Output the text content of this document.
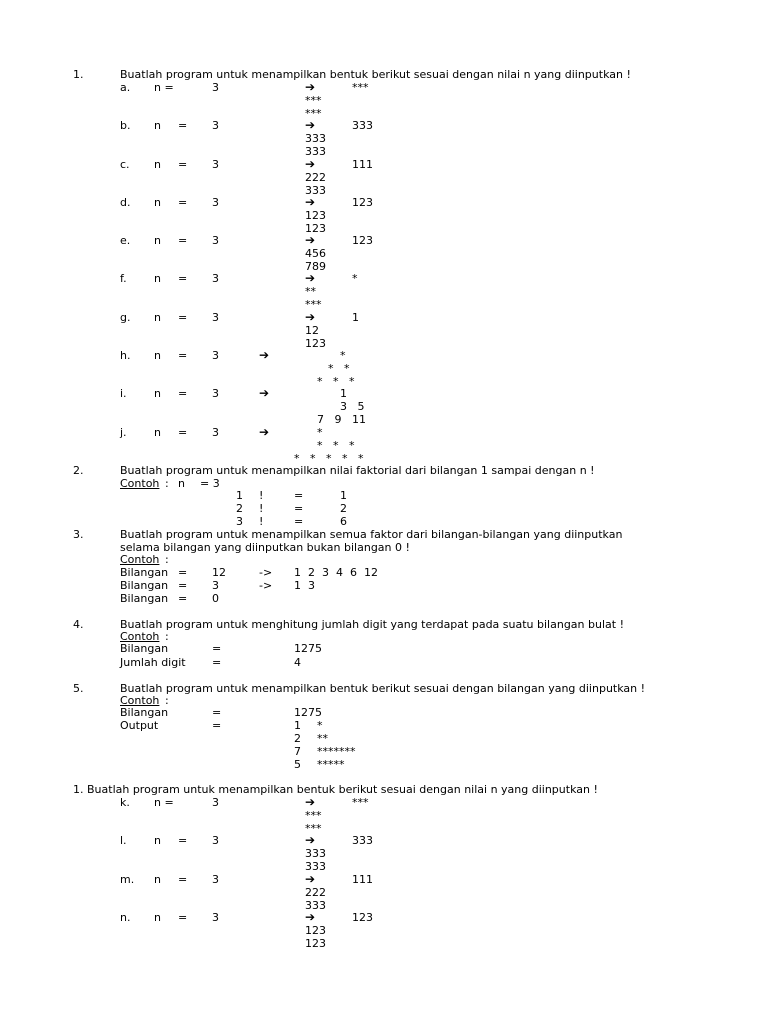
1.	Buatlah program untuk menampilkan bentuk berikut sesuai dengan nilai n yang diinputkan !
a. n =	3	➔	***
***
***
b. n = 3	➔	333
333
333
c. n = 3	➔	111
222
333
d. n = 3	➔	123
123
123
e. n = 3	➔	123
456
789
f. n = 3	➔	*
**
***
g. n = 3	➔	1
12
123
h. n = 3	➔	*
*   *
*   *   *
i. n = 3	➔	1
3   5
7   9   11
j. n = 3	➔	*
*   *   *
*   *   *   *   *
2.	Buatlah program untuk menampilkan nilai faktorial dari bilangan 1 sampai dengan n !
Contoh : n = 3
1 !	=	1
2 !	=	2
3 !	=	6
3.	Buatlah program untuk menampilkan semua faktor dari bilangan-bilangan yang diinputkan
selama bilangan yang diinputkan bukan bilangan 0 !
Contoh :
Bilangan = 12	-> 1  2  3  4  6  12
Bilangan = 3	-> 1  3
Bilangan = 0
4.	Buatlah program untuk menghitung jumlah digit yang terdapat pada suatu bilangan bulat !
Contoh :
Bilangan	=	1275
Jumlah digit =	4
5.	Buatlah program untuk menampilkan bentuk berikut sesuai dengan bilangan yang diinputkan !
Contoh :
Bilangan	=	1275
Output	=	1 *
2 **
7 *******
5 *****
1. Buatlah program untuk menampilkan bentuk berikut sesuai dengan nilai n yang diinputkan !
k. n =	3	➔	***
***
***
l. n = 3	➔	333
333
333
m. n = 3	➔	111
222
333
n. n = 3	➔	123
123
123
